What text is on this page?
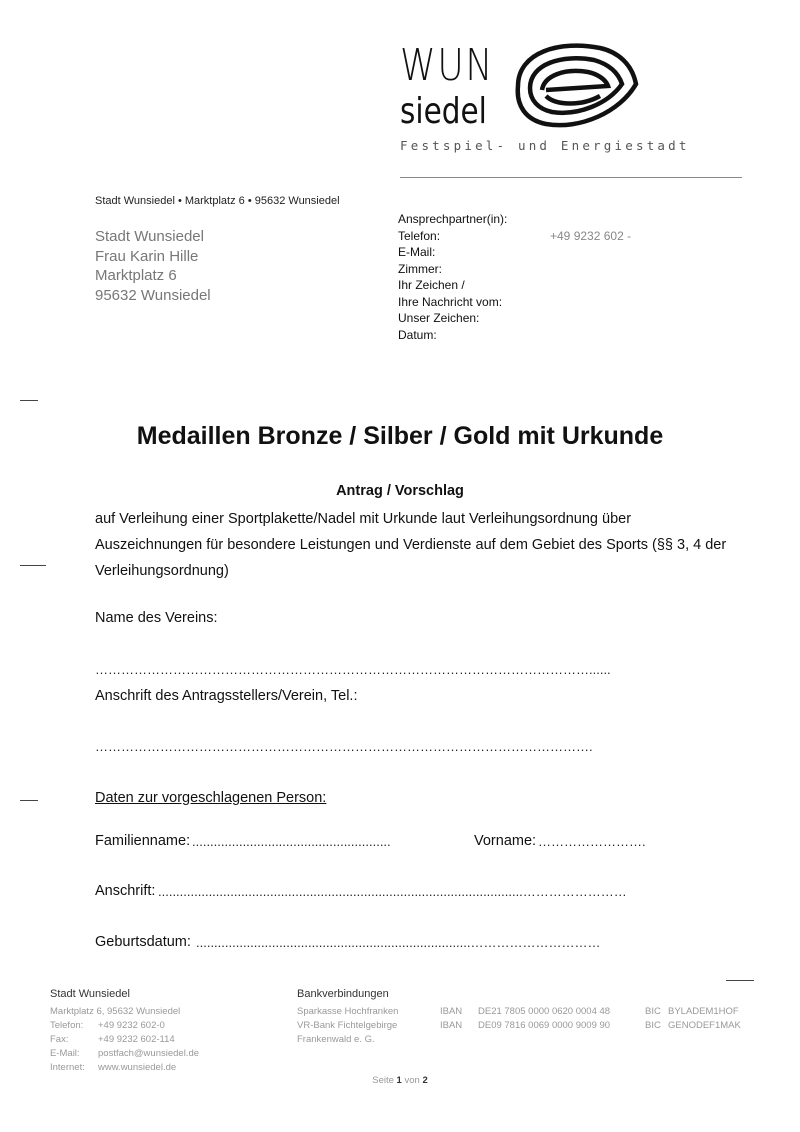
WUN
siedel
Festspiel- und Energiestadt
Stadt Wunsiedel • Marktplatz 6 • 95632 Wunsiedel
Stadt Wunsiedel
Frau Karin Hille
Marktplatz 6
95632 Wunsiedel
Ansprechpartner(in):
Telefon:	+49 9232 602 -
E-Mail:
Zimmer:
Ihr Zeichen /
Ihre Nachricht vom:
Unser Zeichen:
Datum:
Medaillen Bronze / Silber / Gold mit Urkunde
Antrag / Vorschlag
auf Verleihung einer Sportplakette/Nadel mit Urkunde laut Verleihungsordnung über Auszeichnungen für besondere Leistungen und Verdienste auf dem Gebiet des Sports (§§ 3, 4 der Verleihungsordnung)
Name des Vereins:
……………………………………………………………………………………………………......
Anschrift des Antragsstellers/Verein, Tel.:
…………………………………………………………………………………………………….
Daten zur vorgeschlagenen Person:
Familienname: .......................................................	Vorname: …………………….
Anschrift: .....................................................................................................……………………
Geburtsdatum: ............................................................................…………………………
Stadt Wunsiedel
Marktplatz 6, 95632 Wunsiedel
Telefon: +49 9232 602-0
Fax:	+49 9232 602-114
E-Mail: postfach@wunsiedel.de
Internet: www.wunsiedel.de
Bankverbindungen
Sparkasse Hochfranken	IBAN DE21 7805 0000 0620 0004 48	BIC BYLADEM1HOF
VR-Bank Fichtelgebirge	IBAN DE09 7816 0069 0000 9009 90	BIC GENODEF1MAK
Frankenwald e. G.
Seite 1 von 2
